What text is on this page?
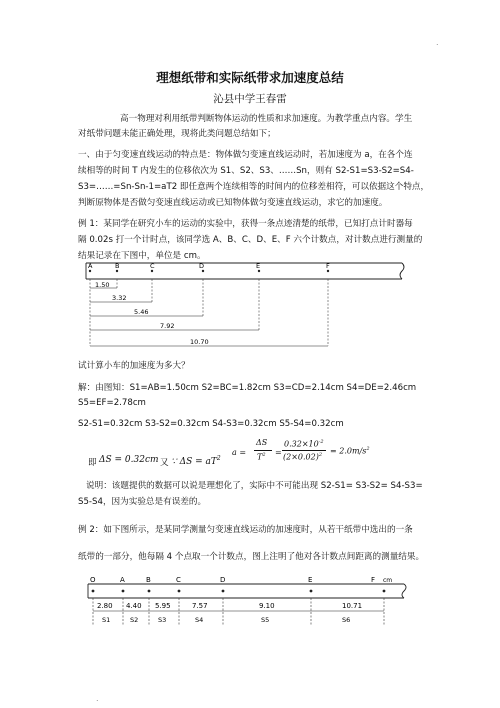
.
理想纸带和实际纸带求加速度总结
沁县中学王春雷
高一物理对利用纸带判断物体运动的性质和求加速度。为教学重点内容。学生
对纸带问题未能正确处理，现将此类问题总结如下；
一、由于匀变速直线运动的特点是：物体做匀变速直线运动时，若加速度为 a，在各个连
续相等的时间 T 内发生的位移依次为 S1、S2、S3、……Sn，则有 S2-S1=S3-S2=S4-
S3=……=Sn-Sn-1=aT2 即任意两个连续相等的时间内的位移差相符，可以依据这个特点，
判断原物体是否做匀变速直线运动或已知物体做匀变速直线运动，求它的加速度。
例 1：某同学在研究小车的运动的实验中，获得一条点迹清楚的纸带，已知打点计时器每
隔 0.02s 打一个计时点，该同学选 A、B、C、D、E、F 六个计数点，对计数点进行测量的
结果记录在下图中，单位是 cm。
A	B	C	D	E	F
1.50
3.32
5.46
7.92
10.70
试计算小车的加速度为多大？
解：由图知：S1=AB=1.50cm S2=BC=1.82cm S3=CD=2.14cm S4=DE=2.46cm
S5=EF=2.78cm
S2-S1=0.32cm S3-S2=0.32cm S4-S3=0.32cm S5-S4=0.32cm
即 ΔS = 0.32cm 又 ∵ $\Delta S = aT^2$
a =
ΔS
$T^2$ =
$0.32\times 10^{-2}$
$(2\times 0.02)^2 = 2.0m/s^2$
说明：该题提供的数据可以说是理想化了，实际中不可能出现 S2-S1= S3-S2= S4-S3=
S5-S4，因为实验总是有误差的。
例 2：如下图所示，是某同学测量匀变速直线运动的加速度时，从若干纸带中选出的一条
纸带的一部分，他每隔 4 个点取一个计数点，图上注明了他对各计数点间距离的测量结果。
O	A	B	C	D	E	F cm
2.80 4.40 5.95	7.57	9.10	10.71
S1	S2	S3	S4	S5	S6
.
